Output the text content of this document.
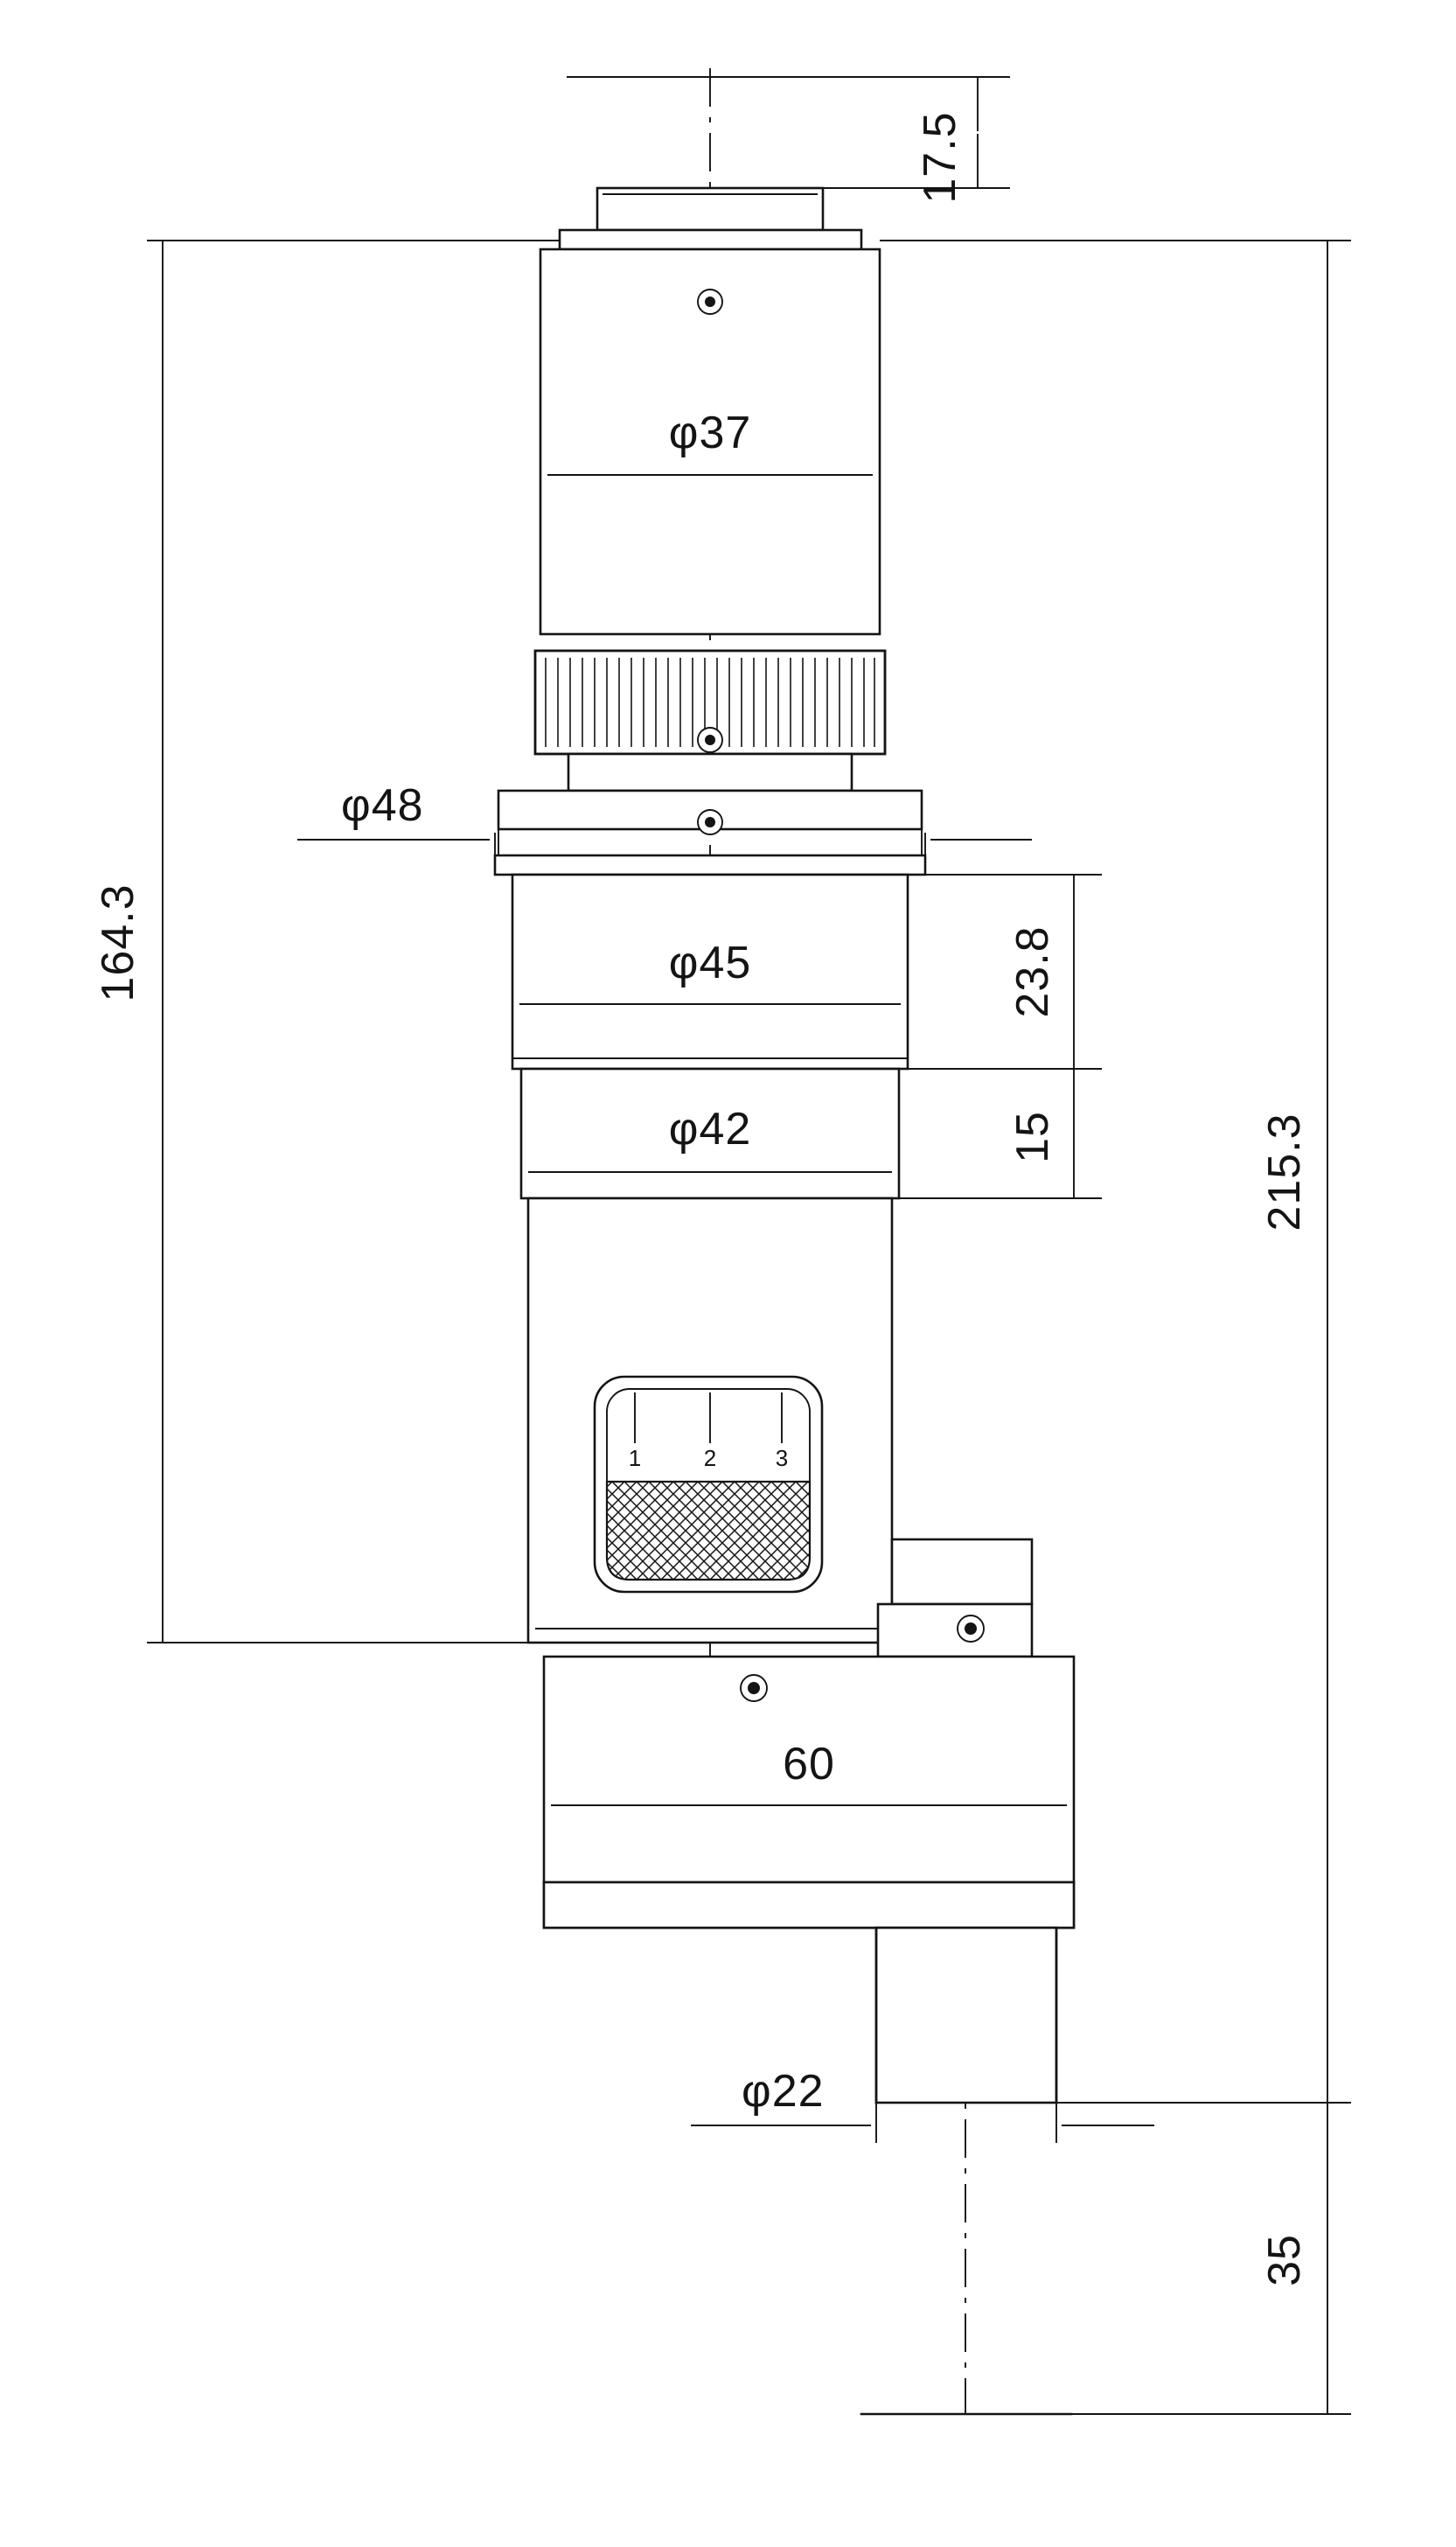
1	2	3
17.5
φ37
φ48
φ45
φ42
23.8
15
164.3
215.3
60
φ22
35
